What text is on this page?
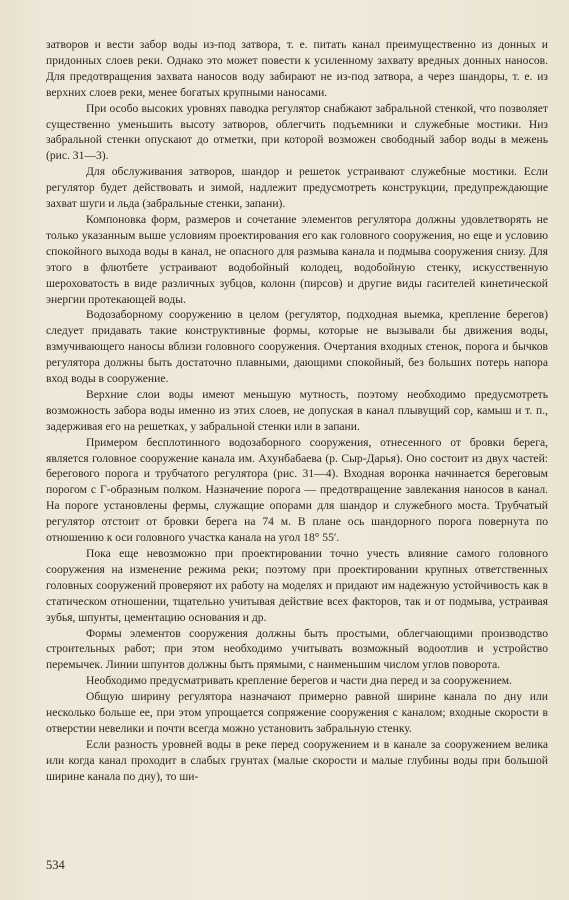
затворов и вести забор воды из-под затвора, т. е. питать канал преимущественно из донных и придонных слоев реки. Однако это может повести к усиленному захвату вредных донных наносов. Для предотвращения захвата наносов воду забирают не из-под затвора, а через шандоры, т. е. из верхних слоев реки, менее богатых крупными наносами.

При особо высоких уровнях паводка регулятор снабжают забральной стенкой, что позволяет существенно уменьшить высоту затворов, облегчить подъемники и служебные мостики. Низ забральной стенки опускают до отметки, при которой возможен свободный забор воды в межень (рис. 31—3).

Для обслуживания затворов, шандор и решеток устраивают служебные мостики. Если регулятор будет действовать и зимой, надлежит предусмотреть конструкции, предупреждающие захват шуги и льда (забральные стенки, запани).

Компоновка форм, размеров и сочетание элементов регулятора должны удовлетворять не только указанным выше условиям проектирования его как головного сооружения, но еще и условию спокойного выхода воды в канал, не опасного для размыва канала и подмыва сооружения снизу. Для этого в флютбете устраивают водобойный колодец, водобойную стенку, искусственную шероховатость в виде различных зубцов, колонн (пирсов) и другие виды гасителей кинетической энергии протекающей воды.

Водозаборному сооружению в целом (регулятор, подходная выемка, крепление берегов) следует придавать такие конструктивные формы, которые не вызывали бы движения воды, взмучивающего наносы вблизи головного сооружения. Очертания входных стенок, порога и бычков регулятора должны быть достаточно плавными, дающими спокойный, без больших потерь напора вход воды в сооружение.

Верхние слои воды имеют меньшую мутность, поэтому необходимо предусмотреть возможность забора воды именно из этих слоев, не допуская в канал плывущий сор, камыш и т. п., задерживая его на решетках, у забральной стенки или в запани.

Примером бесплотинного водозаборного сооружения, отнесенного от бровки берега, является головное сооружение канала им. Ахунбабаева (р. Сыр-Дарья). Оно состоит из двух частей: берегового порога и трубчатого регулятора (рис. 31—4). Входная воронка начинается береговым порогом с Г-образным полком. Назначение порога — предотвращение завлекания наносов в канал. На пороге установлены фермы, служащие опорами для шандор и служебного моста. Трубчатый регулятор отстоит от бровки берега на 74 м. В плане ось шандорного порога повернута по отношению к оси головного участка канала на угол 18° 55′.

Пока еще невозможно при проектировании точно учесть влияние самого головного сооружения на изменение режима реки; поэтому при проектировании крупных ответственных головных сооружений проверяют их работу на моделях и придают им надежную устойчивость как в статическом отношении, тщательно учитывая действие всех факторов, так и от подмыва, устраивая зубья, шпунты, цементацию основания и др.

Формы элементов сооружения должны быть простыми, облегчающими производство строительных работ; при этом необходимо учитывать возможный водоотлив и устройство перемычек. Линии шпунтов должны быть прямыми, с наименьшим числом углов поворота.

Необходимо предусматривать крепление берегов и части дна перед и за сооружением.

Общую ширину регулятора назначают примерно равной ширине канала по дну или несколько больше ее, при этом упрощается сопряжение сооружения с каналом; входные скорости в отверстии невелики и почти всегда можно установить забральную стенку.

Если разность уровней воды в реке перед сооружением и в канале за сооружением велика или когда канал проходит в слабых грунтах (малые скорости и малые глубины воды при большой ширине канала по дну), то ши-

534
